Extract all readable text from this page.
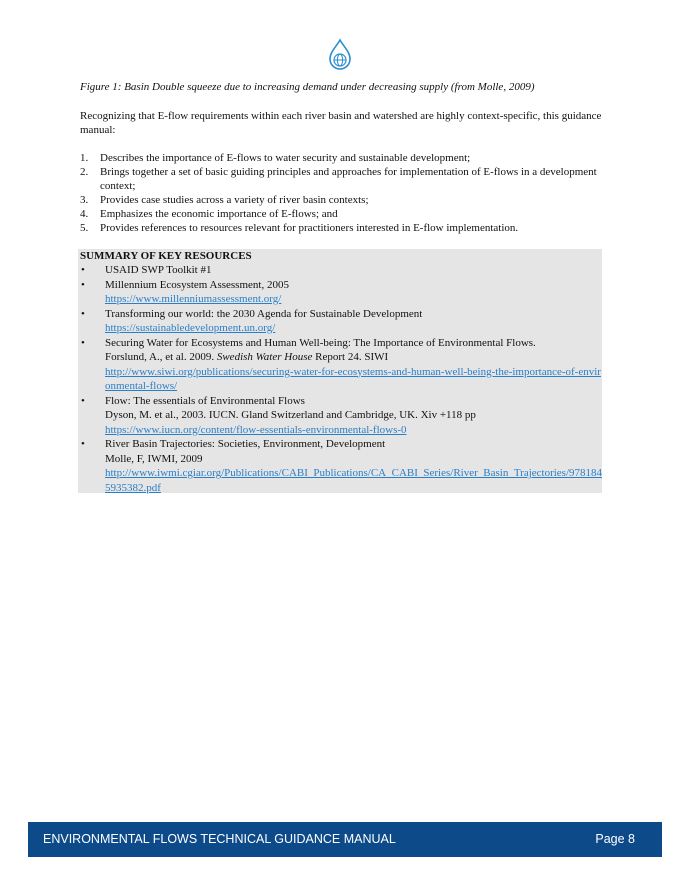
Figure 1: Basin Double squeeze due to increasing demand under decreasing supply (from Molle, 2009)
Recognizing that E-flow requirements within each river basin and watershed are highly context-specific, this guidance manual:
1. Describes the importance of E-flows to water security and sustainable development;
2. Brings together a set of basic guiding principles and approaches for implementation of E-flows in a development context;
3. Provides case studies across a variety of river basin contexts;
4. Emphasizes the economic importance of E-flows; and
5. Provides references to resources relevant for practitioners interested in E-flow implementation.
SUMMARY OF KEY RESOURCES
• USAID SWP Toolkit #1
• Millennium Ecosystem Assessment, 2005
https://www.millenniumassessment.org/
• Transforming our world: the 2030 Agenda for Sustainable Development
https://sustainabledevelopment.un.org/
• Securing Water for Ecosystems and Human Well-being: The Importance of Environmental Flows.
Forslund, A., et al. 2009. Swedish Water House Report 24. SIWI
http://www.siwi.org/publications/securing-water-for-ecosystems-and-human-well-being-the-importance-of-environmental-flows/
• Flow: The essentials of Environmental Flows
Dyson, M. et al., 2003. IUCN. Gland Switzerland and Cambridge, UK. Xiv +118 pp
https://www.iucn.org/content/flow-essentials-environmental-flows-0
• River Basin Trajectories: Societies, Environment, Development
Molle, F, IWMI, 2009
http://www.iwmi.cgiar.org/Publications/CABI_Publications/CA_CABI_Series/River_Basin_Trajectories/9781845935382.pdf
ENVIRONMENTAL FLOWS TECHNICAL GUIDANCE MANUAL	Page 8
